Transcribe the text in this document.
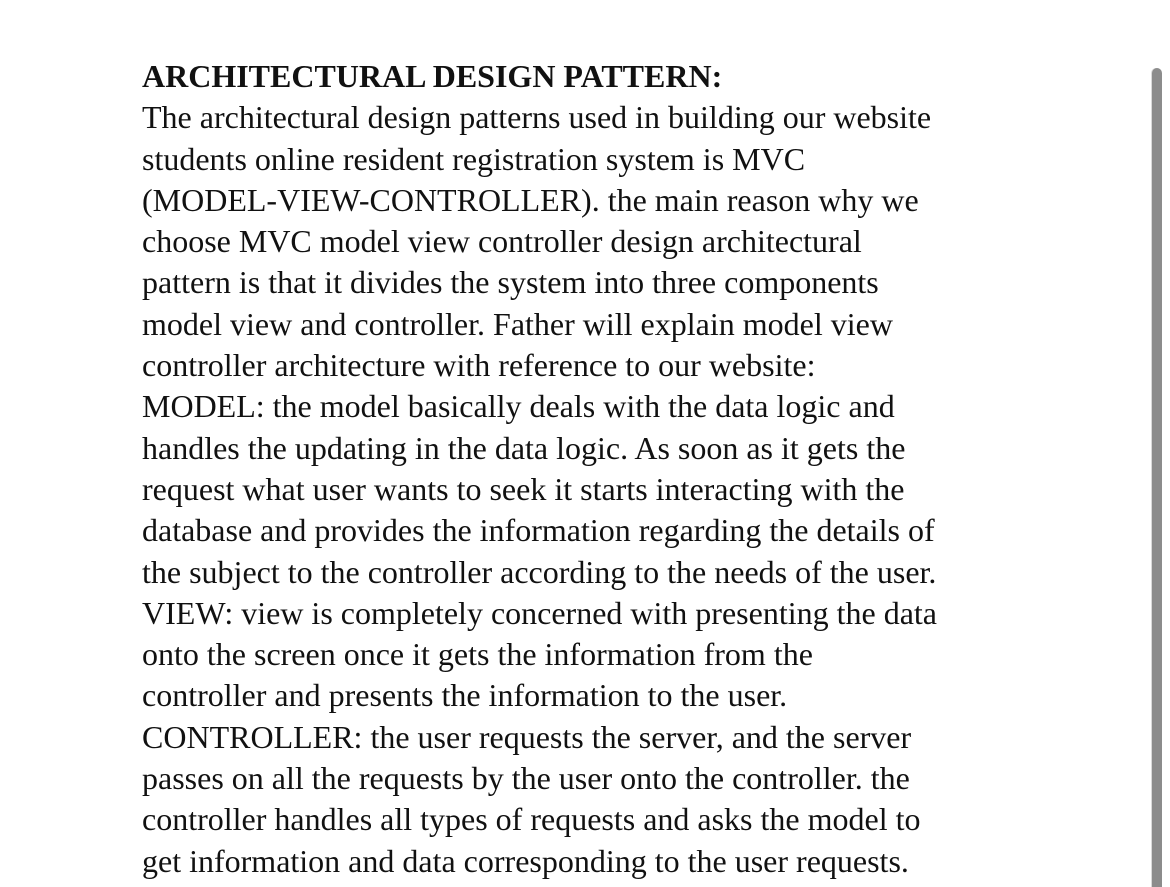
ARCHITECTURAL DESIGN PATTERN:
The architectural design patterns used in building our website
students online resident registration system is MVC
(MODEL-VIEW-CONTROLLER). the main reason why we
choose MVC model view controller design architectural
pattern is that it divides the system into three components
model view and controller. Father will explain model view
controller architecture with reference to our website:
MODEL: the model basically deals with the data logic and
handles the updating in the data logic. As soon as it gets the
request what user wants to seek it starts interacting with the
database and provides the information regarding the details of
the subject to the controller according to the needs of the user.
VIEW: view is completely concerned with presenting the data
onto the screen once it gets the information from the
controller and presents the information to the user.
CONTROLLER: the user requests the server, and the server
passes on all the requests by the user onto the controller. the
controller handles all types of requests and asks the model to
get information and data corresponding to the user requests.
